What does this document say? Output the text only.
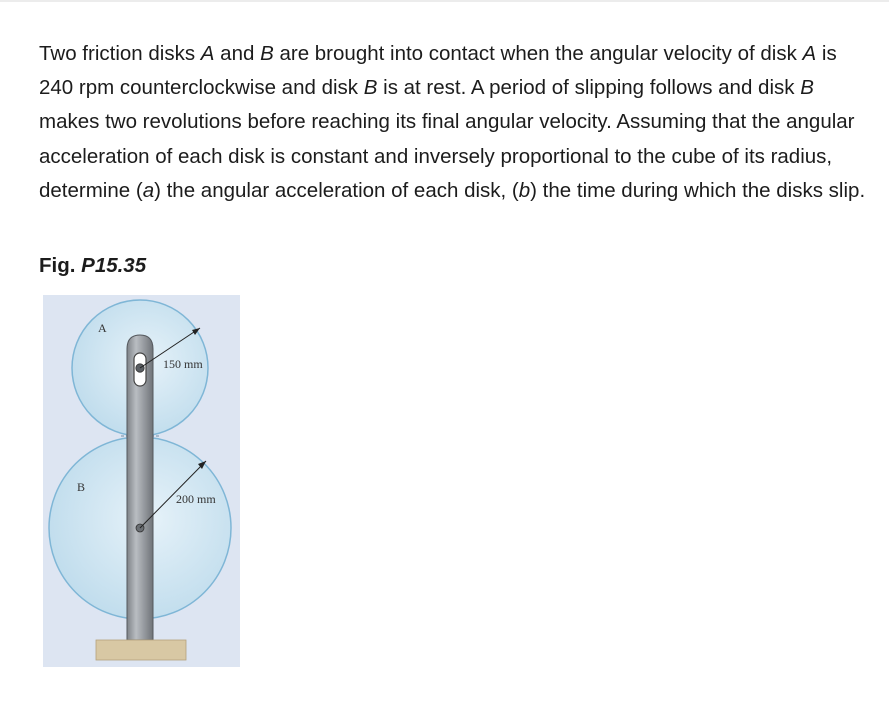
Two friction disks A and B are brought into contact when the angular velocity of disk A is 240 rpm counterclockwise and disk B is at rest. A period of slipping follows and disk B makes two revolutions before reaching its final angular velocity. Assuming that the angular acceleration of each disk is constant and inversely proportional to the cube of its radius, determine (a) the angular acceleration of each disk, (b) the time during which the disks slip.

Fig. P15.35

A
B
150 mm
200 mm
